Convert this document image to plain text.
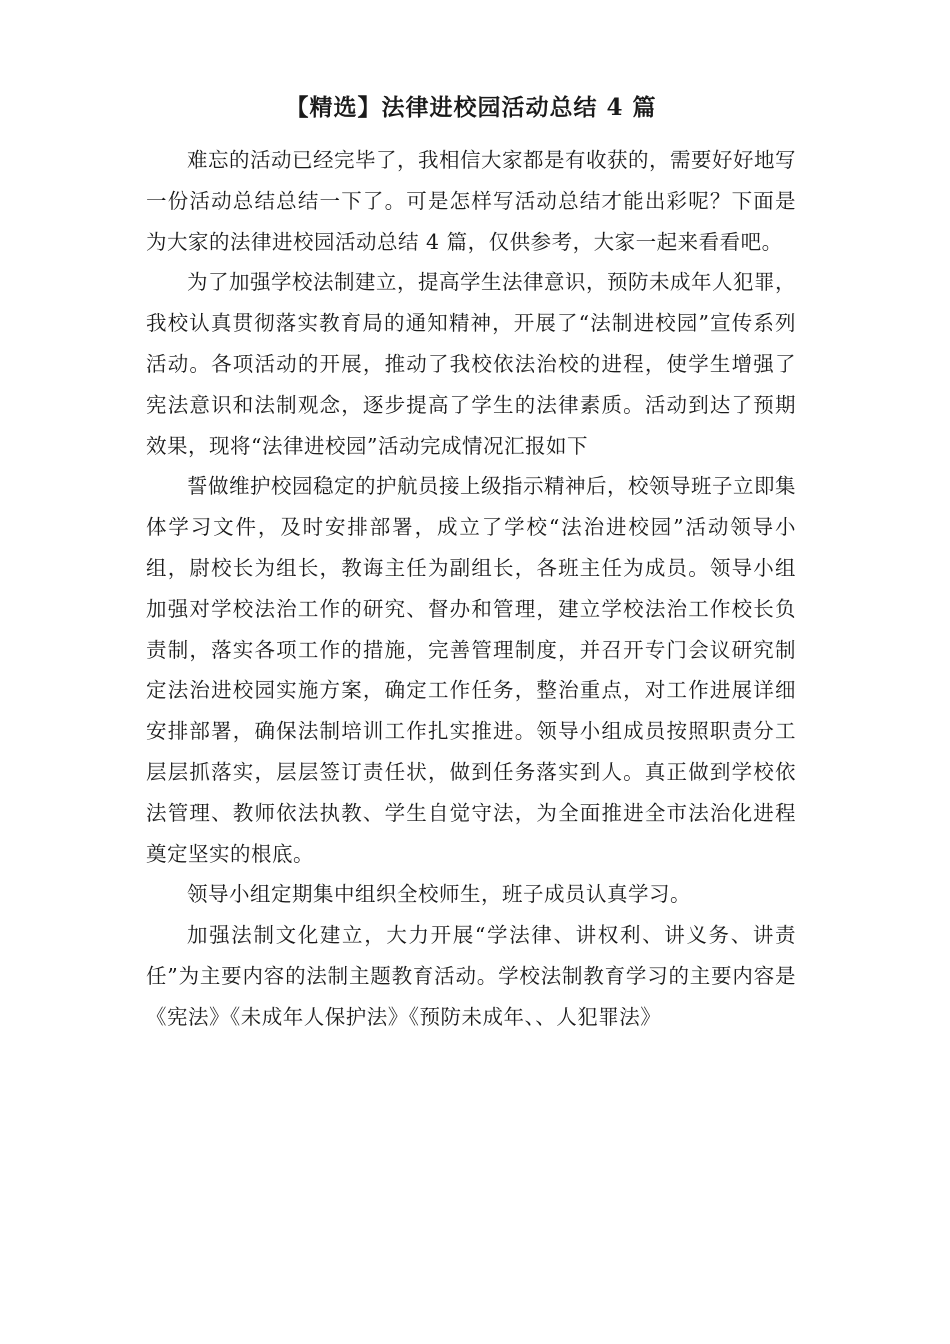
【精选】法律进校园活动总结 4 篇

难忘的活动已经完毕了，我相信大家都是有收获的，需要好好地写一份活动总结总结一下了。可是怎样写活动总结才能出彩呢？下面是为大家的法律进校园活动总结 4 篇，仅供参考，大家一起来看看吧。

为了加强学校法制建立，提高学生法律意识，预防未成年人犯罪，我校认真贯彻落实教育局的通知精神，开展了“法制进校园”宣传系列活动。各项活动的开展，推动了我校依法治校的进程，使学生增强了宪法意识和法制观念，逐步提高了学生的法律素质。活动到达了预期效果，现将“法律进校园”活动完成情况汇报如下

誓做维护校园稳定的护航员接上级指示精神后，校领导班子立即集体学习文件，及时安排部署，成立了学校“法治进校园”活动领导小组，尉校长为组长，教诲主任为副组长，各班主任为成员。领导小组加强对学校法治工作的研究、督办和管理，建立学校法治工作校长负责制，落实各项工作的措施，完善管理制度，并召开专门会议研究制定法治进校园实施方案，确定工作任务，整治重点，对工作进展详细安排部署，确保法制培训工作扎实推进。领导小组成员按照职责分工层层抓落实，层层签订责任状，做到任务落实到人。真正做到学校依法管理、教师依法执教、学生自觉守法，为全面推进全市法治化进程奠定坚实的根底。

领导小组定期集中组织全校师生，班子成员认真学习。

加强法制文化建立，大力开展“学法律、讲权利、讲义务、讲责任”为主要内容的法制主题教育活动。学校法制教育学习的主要内容是《宪法》《未成年人保护法》《预防未成年、、人犯罪法》
